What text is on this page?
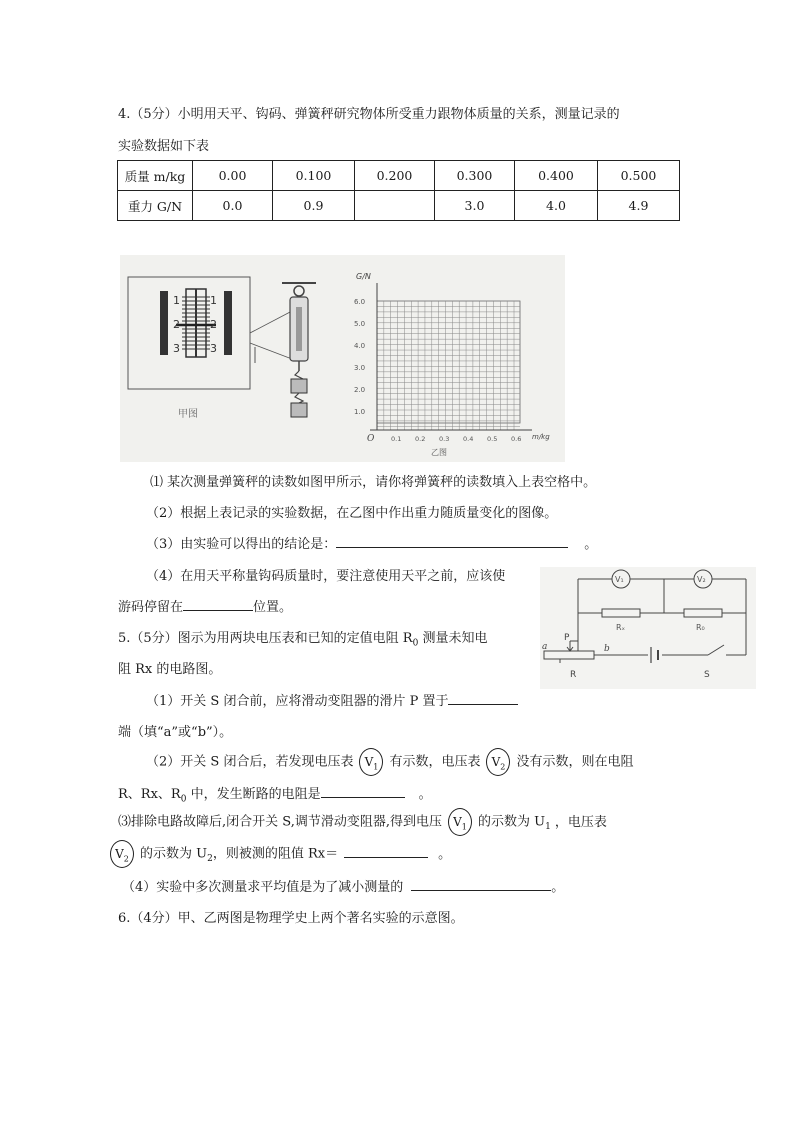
4.（5分）小明用天平、钩码、弹簧秤研究物体所受重力跟物体质量的关系，测量记录的
实验数据如下表
质量 m/kg	0.00	0.100	0.200	0.300	0.400	0.500
重力 G/N	0.0	0.9		3.0	4.0	4.9
1
2
3
1
2
3
甲图
G/N
m/kg
O
6.0
5.0
4.0
3.0
2.0
1.0
0.1 0.2 0.3 0.4 0.5 0.6
乙图
⑴ 某次测量弹簧秤的读数如图甲所示，请你将弹簧秤的读数填入上表空格中。
（2）根据上表记录的实验数据，在乙图中作出重力随质量变化的图像。
（3）由实验可以得出的结论是：	。
（4）在用天平称量钩码质量时，要注意使用天平之前，应该使
游码停留在	位置。
V₁	V₂
Rₓ	R₀
P
a	b
R	S
5.（5分）图示为用两块电压表和已知的定值电阻 $R_0$ 测量未知电
阻 Rx 的电路图。
（1）开关 S 闭合前，应将滑动变阻器的滑片 P 置于
端（填“a”或“b”）。
（2）开关 S 闭合后，若发现电压表 $V_1$ 有示数，电压表 $V_2$ 没有示数，则在电阻
R、Rx、$R_0$ 中，发生断路的电阻是	。
⑶排除电路故障后,闭合开关 S,调节滑动变阻器,得到电压 $V_1$ 的示数为 $U_1$ ，电压表
$V_2$ 的示数为 $U_2$，则被测的阻值 Rx＝	。
（4）实验中多次测量求平均值是为了减小测量的	。
6.（4分）甲、乙两图是物理学史上两个著名实验的示意图。
